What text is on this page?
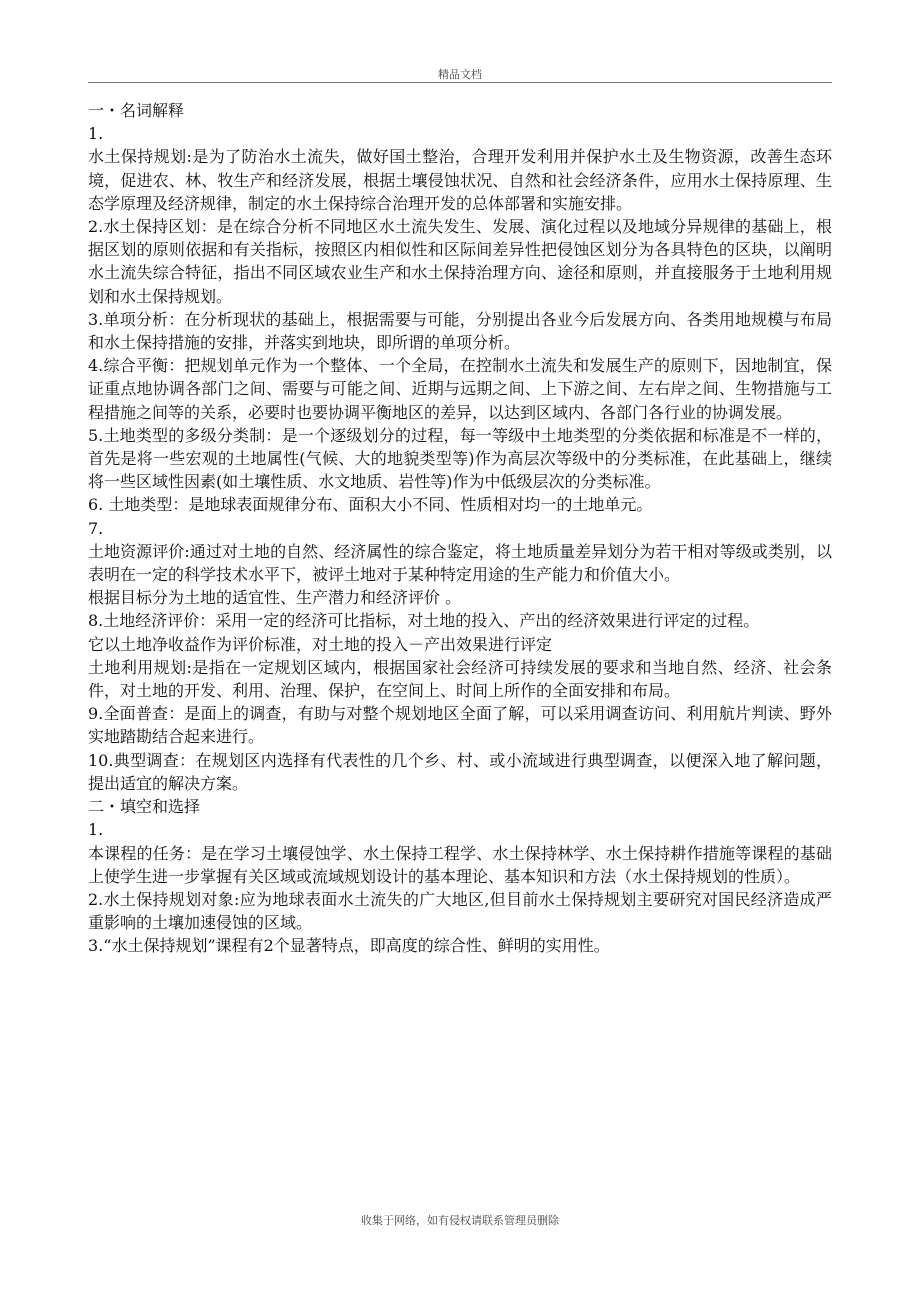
精品文档

一・名词解释

1.

水土保持规划:是为了防治水土流失，做好国土整治，合理开发利用并保护水土及生物资源，改善生态环境，促进农、林、牧生产和经济发展，根据土壤侵蚀状况、自然和社会经济条件，应用水土保持原理、生态学原理及经济规律，制定的水土保持综合治理开发的总体部署和实施安排。

2.水土保持区划：是在综合分析不同地区水土流失发生、发展、演化过程以及地域分异规律的基础上，根据区划的原则依据和有关指标，按照区内相似性和区际间差异性把侵蚀区划分为各具特色的区块，以阐明水土流失综合特征，指出不同区域农业生产和水土保持治理方向、途径和原则，并直接服务于土地利用规划和水土保持规划。

3.单项分析：在分析现状的基础上，根据需要与可能，分别提出各业今后发展方向、各类用地规模与布局和水土保持措施的安排，并落实到地块，即所谓的单项分析。

4.综合平衡：把规划单元作为一个整体、一个全局，在控制水土流失和发展生产的原则下，因地制宜，保证重点地协调各部门之间、需要与可能之间、近期与远期之间、上下游之间、左右岸之间、生物措施与工程措施之间等的关系，必要时也要协调平衡地区的差异，以达到区域内、各部门各行业的协调发展。

5.土地类型的多级分类制：是一个逐级划分的过程，每一等级中土地类型的分类依据和标准是不一样的，首先是将一些宏观的土地属性(气候、大的地貌类型等)作为高层次等级中的分类标准，在此基础上，继续将一些区域性因素(如土壤性质、水文地质、岩性等)作为中低级层次的分类标准。

6. 土地类型：是地球表面规律分布、面积大小不同、性质相对均一的土地单元。

7.

土地资源评价:通过对土地的自然、经济属性的综合鉴定，将土地质量差异划分为若干相对等级或类别，以表明在一定的科学技术水平下，被评土地对于某种特定用途的生产能力和价值大小。

根据目标分为土地的适宜性、生产潜力和经济评价 。

8.土地经济评价：采用一定的经济可比指标，对土地的投入、产出的经济效果进行评定的过程。

它以土地净收益作为评价标准，对土地的投入－产出效果进行评定

土地利用规划:是指在一定规划区域内，根据国家社会经济可持续发展的要求和当地自然、经济、社会条件，对土地的开发、利用、治理、保护，在空间上、时间上所作的全面安排和布局。

9.全面普查：是面上的调查，有助与对整个规划地区全面了解，可以采用调查访问、利用航片判读、野外实地踏勘结合起来进行。

10.典型调查：在规划区内选择有代表性的几个乡、村、或小流域进行典型调查，以便深入地了解问题，提出适宜的解决方案。

二・填空和选择

1.

本课程的任务：是在学习土壤侵蚀学、水土保持工程学、水土保持林学、水土保持耕作措施等课程的基础上使学生进一步掌握有关区域或流域规划设计的基本理论、基本知识和方法（水土保持规划的性质）。

2.水土保持规划对象:应为地球表面水土流失的广大地区,但目前水土保持规划主要研究对国民经济造成严重影响的土壤加速侵蚀的区域。

3.“水土保持规划”课程有2个显著特点，即高度的综合性、鲜明的实用性。

收集于网络，如有侵权请联系管理员删除
